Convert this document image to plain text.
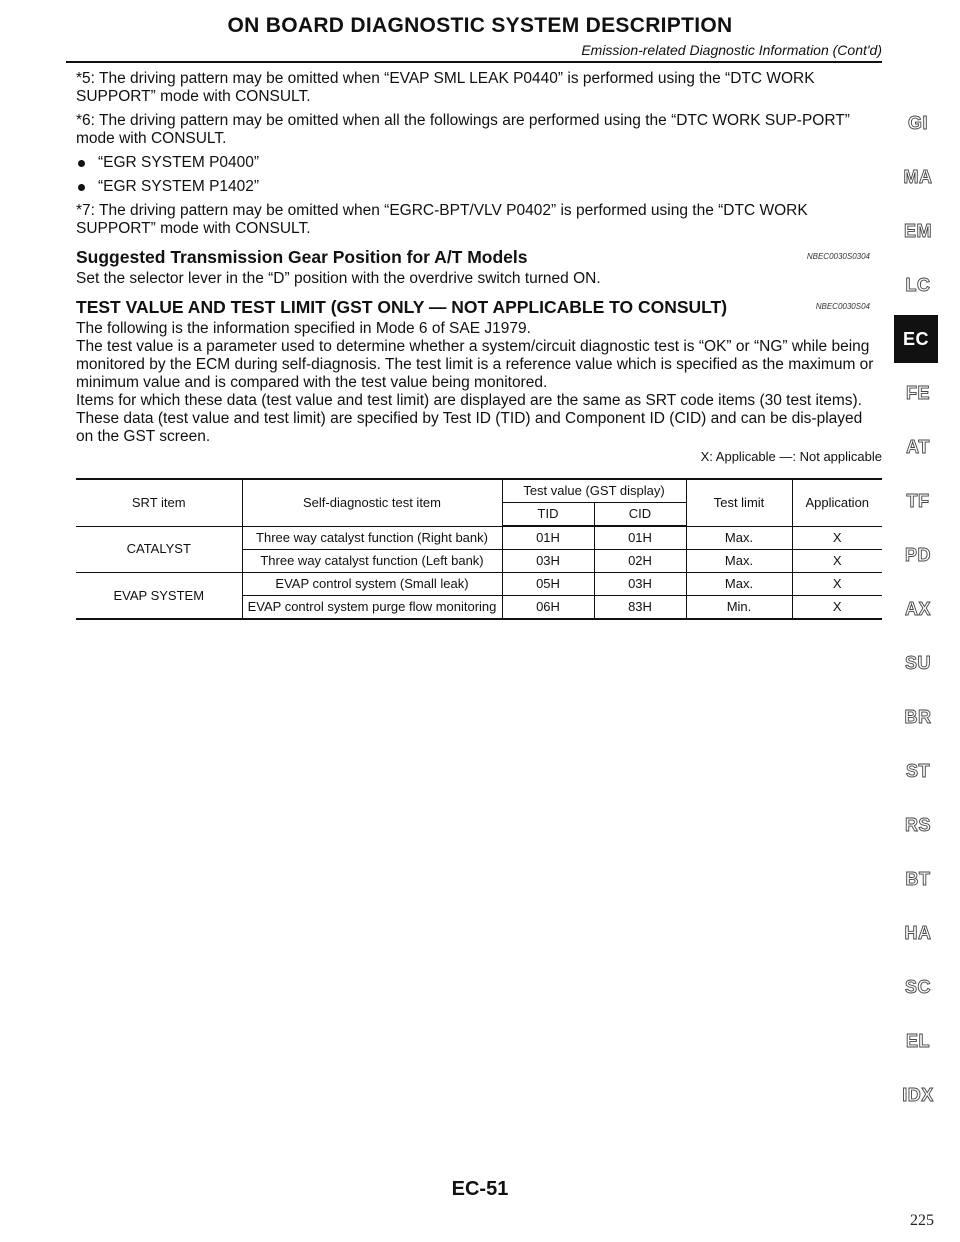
ON BOARD DIAGNOSTIC SYSTEM DESCRIPTION
Emission-related Diagnostic Information (Cont'd)

*5: The driving pattern may be omitted when “EVAP SML LEAK P0440” is performed using the “DTC WORK SUPPORT” mode with CONSULT.

*6: The driving pattern may be omitted when all the followings are performed using the “DTC WORK SUP-PORT” mode with CONSULT.

“EGR SYSTEM P0400”
“EGR SYSTEM P1402”

*7: The driving pattern may be omitted when “EGRC-BPT/VLV P0402” is performed using the “DTC WORK SUPPORT” mode with CONSULT.

Suggested Transmission Gear Position for A/T Models	NBEC0030S0304

Set the selector lever in the “D” position with the overdrive switch turned ON.

TEST VALUE AND TEST LIMIT (GST ONLY — NOT APPLICABLE TO CONSULT)	NBEC0030S04

The following is the information specified in Mode 6 of SAE J1979.

The test value is a parameter used to determine whether a system/circuit diagnostic test is “OK” or “NG” while being monitored by the ECM during self-diagnosis. The test limit is a reference value which is specified as the maximum or minimum value and is compared with the test value being monitored.

Items for which these data (test value and test limit) are displayed are the same as SRT code items (30 test items).

These data (test value and test limit) are specified by Test ID (TID) and Component ID (CID) and can be dis-played on the GST screen.

X: Applicable —: Not applicable
SRT item	Self-diagnostic test item	Test value (GST display)		Test limit	Application
		TID	CID		
CATALYST	Three way catalyst function (Right bank)	01H	01H	Max.	X
	Three way catalyst function (Left bank)	03H	02H	Max.	X
EVAP SYSTEM	EVAP control system (Small leak)	05H	03H	Max.	X
	EVAP control system purge flow monitoring	06H	83H	Min.	X
GI
MA
EM
LC
EC
FE
AT
TF
PD
AX
SU
BR
ST
RS
BT
HA
SC
EL
IDX
EC-51
225
